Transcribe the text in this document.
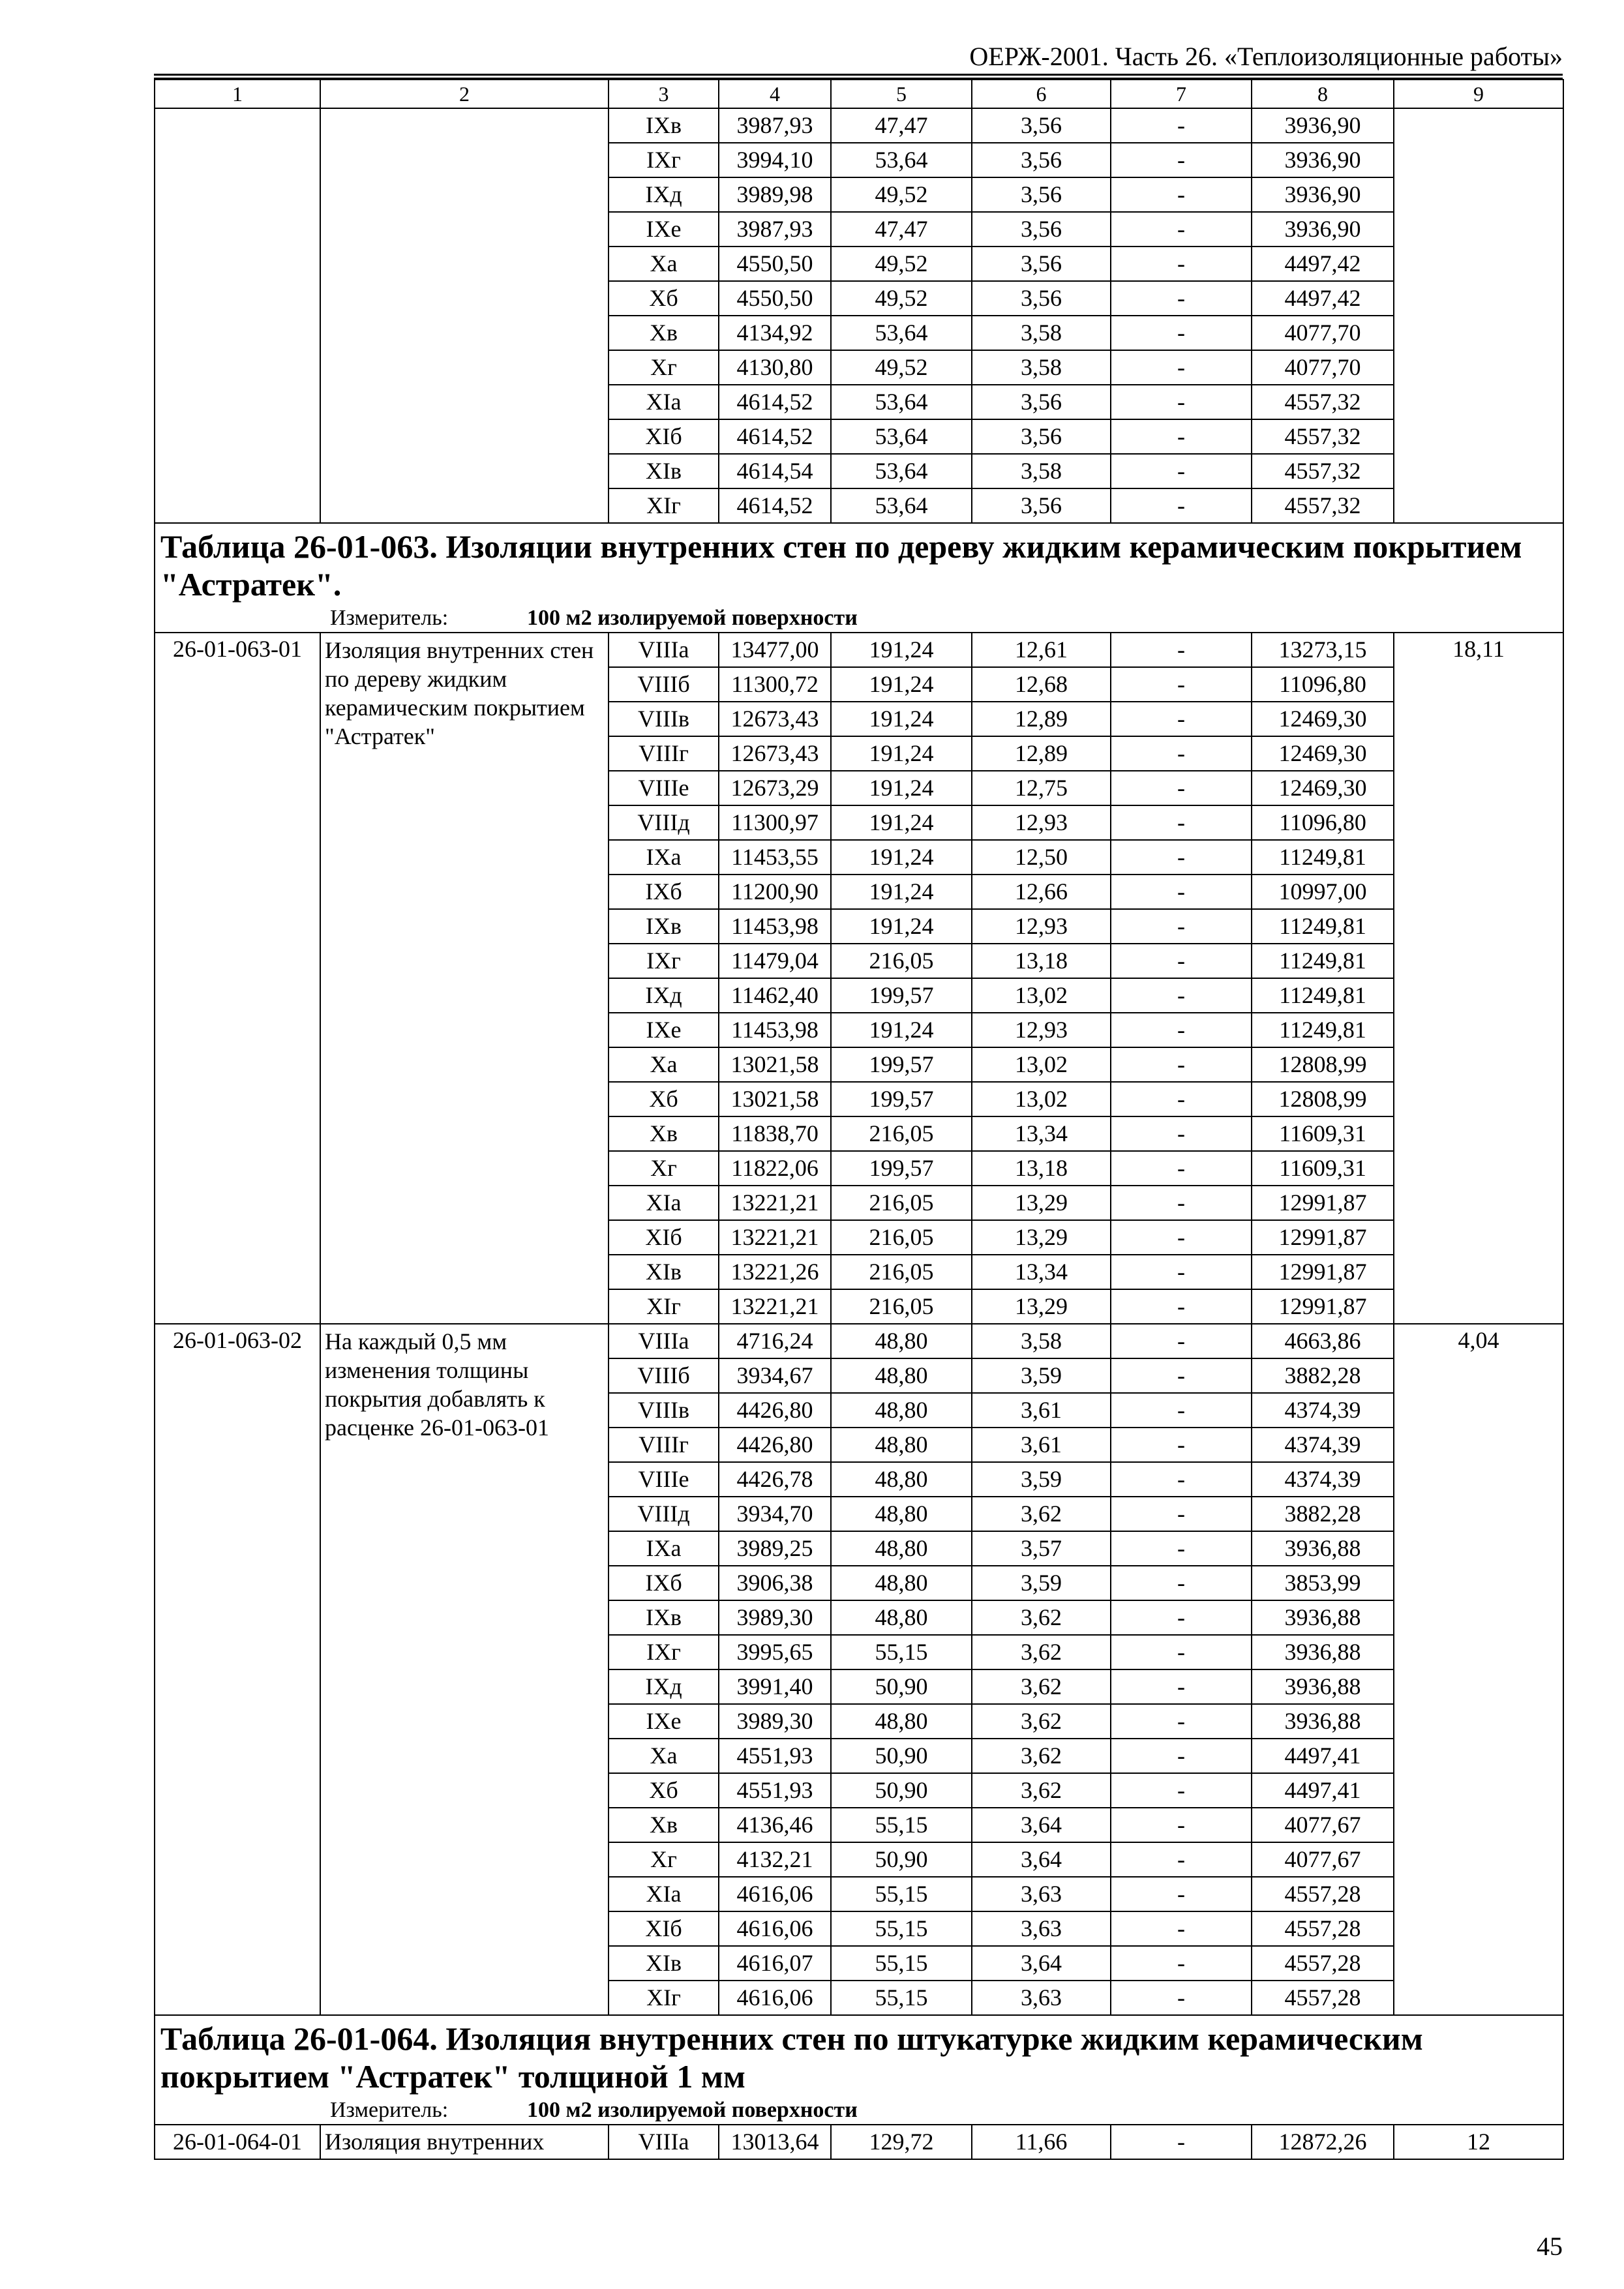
ОЕРЖ-2001. Часть 26. «Теплоизоляционные работы»
1	2	3	4	5	6	7	8	9
		IXв	3987,93	47,47	3,56	-	3936,90	
		IXг	3994,10	53,64	3,56	-	3936,90	
		IXд	3989,98	49,52	3,56	-	3936,90	
		IXе	3987,93	47,47	3,56	-	3936,90	
		Xа	4550,50	49,52	3,56	-	4497,42	
		Xб	4550,50	49,52	3,56	-	4497,42	
		Xв	4134,92	53,64	3,58	-	4077,70	
		Xг	4130,80	49,52	3,58	-	4077,70	
		XIа	4614,52	53,64	3,56	-	4557,32	
		XIб	4614,52	53,64	3,56	-	4557,32	
		XIв	4614,54	53,64	3,58	-	4557,32	
		XIг	4614,52	53,64	3,56	-	4557,32	
Таблица 26-01-063. Изоляции внутренних стен по дереву жидким керамическим покрытием "Астратек".								
Измеритель: 100 м2 изолируемой поверхности								
26-01-063-01	Изоляция внутренних стен по дереву жидким керамическим покрытием "Астратек"	VIIIа	13477,00	191,24	12,61	-	13273,15	18,11
		VIIIб	11300,72	191,24	12,68	-	11096,80	
		VIIIв	12673,43	191,24	12,89	-	12469,30	
		VIIIг	12673,43	191,24	12,89	-	12469,30	
		VIIIе	12673,29	191,24	12,75	-	12469,30	
		VIIIд	11300,97	191,24	12,93	-	11096,80	
		IXа	11453,55	191,24	12,50	-	11249,81	
		IXб	11200,90	191,24	12,66	-	10997,00	
		IXв	11453,98	191,24	12,93	-	11249,81	
		IXг	11479,04	216,05	13,18	-	11249,81	
		IXд	11462,40	199,57	13,02	-	11249,81	
		IXе	11453,98	191,24	12,93	-	11249,81	
		Xа	13021,58	199,57	13,02	-	12808,99	
		Xб	13021,58	199,57	13,02	-	12808,99	
		Xв	11838,70	216,05	13,34	-	11609,31	
		Xг	11822,06	199,57	13,18	-	11609,31	
		XIа	13221,21	216,05	13,29	-	12991,87	
		XIб	13221,21	216,05	13,29	-	12991,87	
		XIв	13221,26	216,05	13,34	-	12991,87	
		XIг	13221,21	216,05	13,29	-	12991,87	
26-01-063-02	На каждый 0,5 мм изменения толщины покрытия добавлять к расценке 26-01-063-01	VIIIа	4716,24	48,80	3,58	-	4663,86	4,04
		VIIIб	3934,67	48,80	3,59	-	3882,28	
		VIIIв	4426,80	48,80	3,61	-	4374,39	
		VIIIг	4426,80	48,80	3,61	-	4374,39	
		VIIIе	4426,78	48,80	3,59	-	4374,39	
		VIIIд	3934,70	48,80	3,62	-	3882,28	
		IXа	3989,25	48,80	3,57	-	3936,88	
		IXб	3906,38	48,80	3,59	-	3853,99	
		IXв	3989,30	48,80	3,62	-	3936,88	
		IXг	3995,65	55,15	3,62	-	3936,88	
		IXд	3991,40	50,90	3,62	-	3936,88	
		IXе	3989,30	48,80	3,62	-	3936,88	
		Xа	4551,93	50,90	3,62	-	4497,41	
		Xб	4551,93	50,90	3,62	-	4497,41	
		Xв	4136,46	55,15	3,64	-	4077,67	
		Xг	4132,21	50,90	3,64	-	4077,67	
		XIа	4616,06	55,15	3,63	-	4557,28	
		XIб	4616,06	55,15	3,63	-	4557,28	
		XIв	4616,07	55,15	3,64	-	4557,28	
		XIг	4616,06	55,15	3,63	-	4557,28	
Таблица 26-01-064. Изоляция внутренних стен по штукатурке жидким керамическим покрытием "Астратек" толщиной 1 мм								
Измеритель: 100 м2 изолируемой поверхности								
26-01-064-01	Изоляция внутренних	VIIIа	13013,64	129,72	11,66	-	12872,26	12
45
